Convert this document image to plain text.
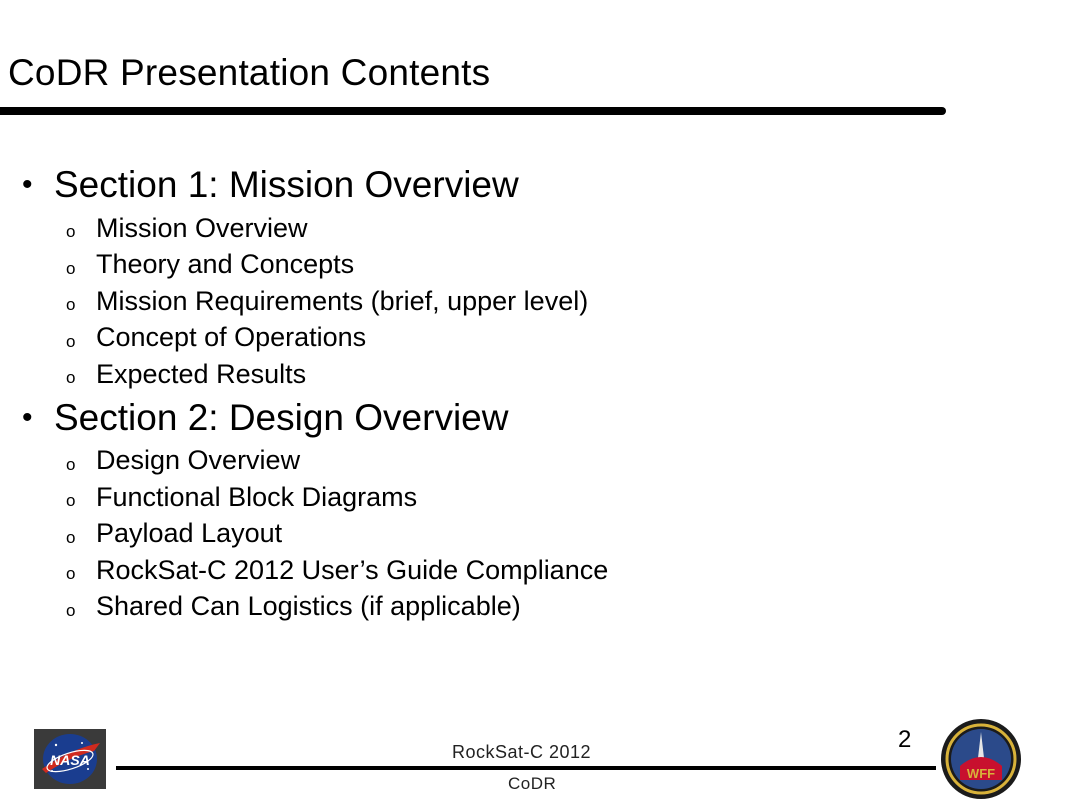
CoDR Presentation Contents
• Section 1: Mission Overview
o Mission Overview
o Theory and Concepts
o Mission Requirements (brief, upper level)
o Concept of Operations
o Expected Results
• Section 2: Design Overview
o Design Overview
o Functional Block Diagrams
o Payload Layout
o RockSat-C 2012 User’s Guide Compliance
o Shared Can Logistics (if applicable)
NASA	RockSat-C 2012
CoDR
2
WFF
